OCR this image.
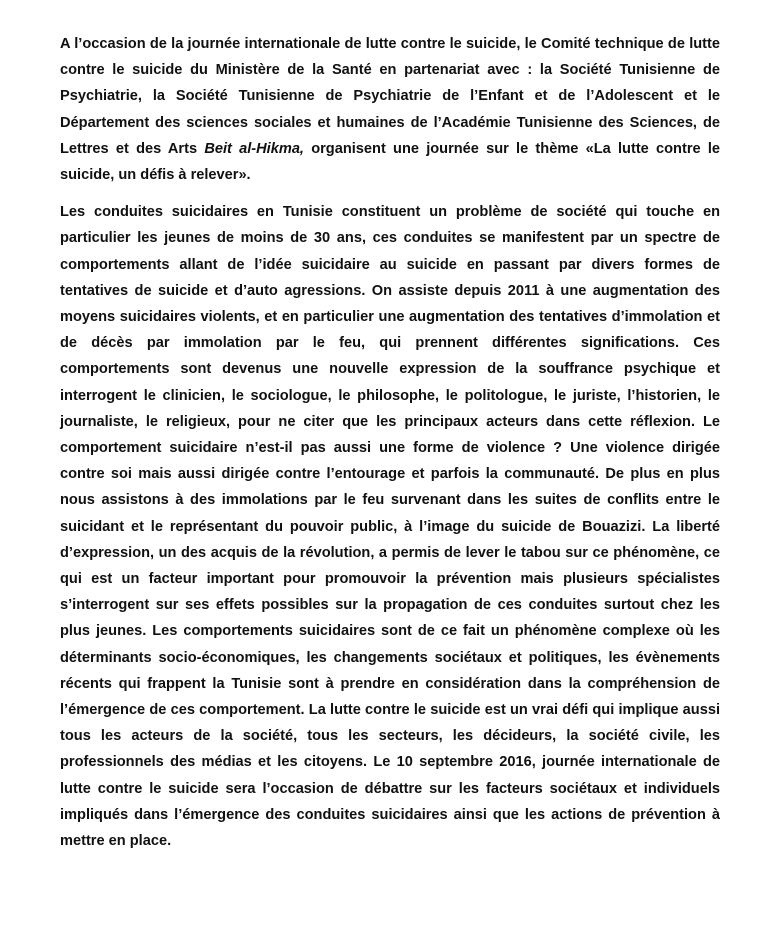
A l’occasion de la journée internationale de lutte contre le suicide, le Comité technique de lutte contre le suicide du Ministère de la Santé en partenariat avec : la Société Tunisienne de Psychiatrie, la Société Tunisienne de Psychiatrie de l’Enfant et de l’Adolescent et le Département des sciences sociales et humaines de l’Académie Tunisienne des Sciences, de Lettres et des Arts Beit al-Hikma, organisent une journée sur le thème «La lutte contre le suicide, un défis à relever».

Les conduites suicidaires en Tunisie constituent un problème de société qui touche en particulier les jeunes de moins de 30 ans, ces conduites se manifestent par un spectre de comportements allant de l’idée suicidaire au suicide en passant par divers formes de tentatives de suicide et d’auto agressions. On assiste depuis 2011 à une augmentation des moyens suicidaires violents, et en particulier une augmentation des tentatives d’immolation et de décès par immolation par le feu, qui prennent différentes significations. Ces comportements sont devenus une nouvelle expression de la souffrance psychique et interrogent le clinicien, le sociologue, le philosophe, le politologue, le juriste, l’historien, le journaliste, le religieux, pour ne citer que les principaux acteurs dans cette réflexion. Le comportement suicidaire n’est-il pas aussi une forme de violence ? Une violence dirigée contre soi mais aussi dirigée contre l’entourage et parfois la communauté. De plus en plus nous assistons à des immolations par le feu survenant dans les suites de conflits entre le suicidant et le représentant du pouvoir public, à l’image du suicide de Bouazizi. La liberté d’expression, un des acquis de la révolution, a permis de lever le tabou sur ce phénomène, ce qui est un facteur important pour promouvoir la prévention mais plusieurs spécialistes s’interrogent sur ses effets possibles sur la propagation de ces conduites surtout chez les plus jeunes. Les comportements suicidaires sont de ce fait un phénomène complexe où les déterminants socio-économiques, les changements sociétaux et politiques, les évènements récents qui frappent la Tunisie sont à prendre en considération dans la compréhension de l’émergence de ces comportement. La lutte contre le suicide est un vrai défi qui implique aussi tous les acteurs de la société, tous les secteurs, les décideurs, la société civile, les professionnels des médias et les citoyens. Le 10 septembre 2016, journée internationale de lutte contre le suicide sera l’occasion de débattre sur les facteurs sociétaux et individuels impliqués dans l’émergence des conduites suicidaires ainsi que les actions de prévention à mettre en place.
